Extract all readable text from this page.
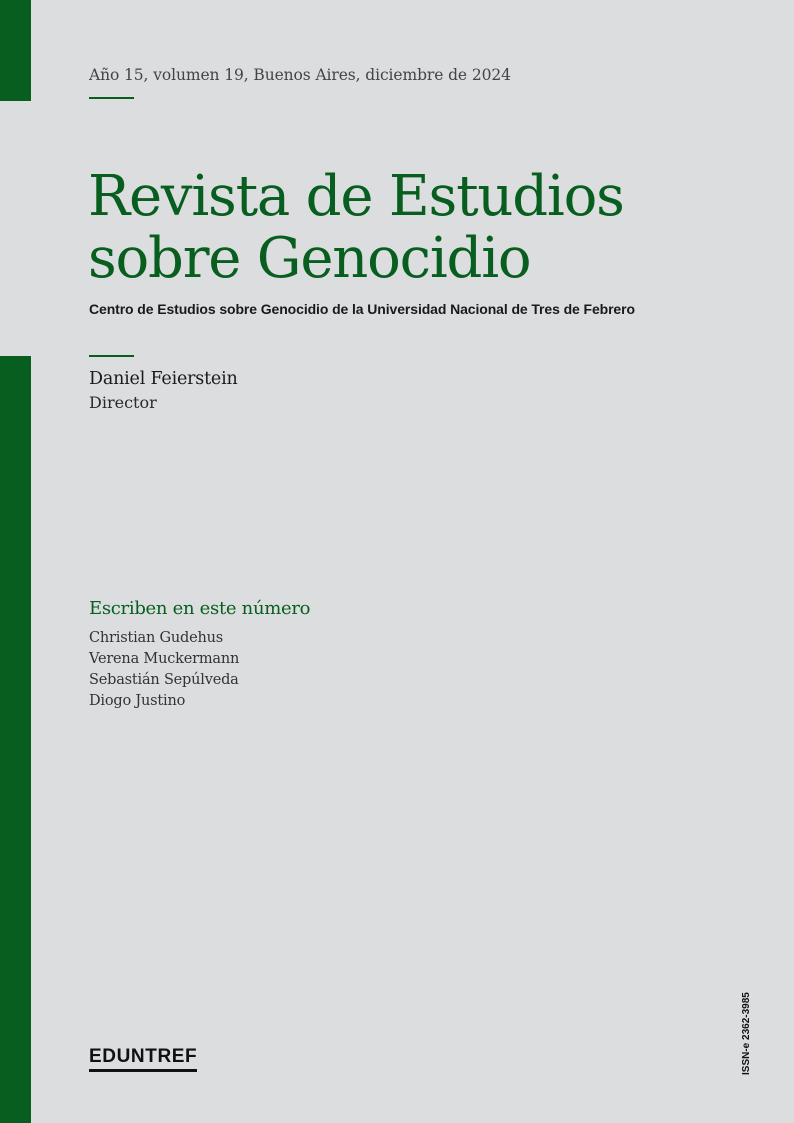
Año 15, volumen 19, Buenos Aires, diciembre de 2024
Revista de Estudios
sobre Genocidio
Centro de Estudios sobre Genocidio de la Universidad Nacional de Tres de Febrero
Daniel Feierstein
Director
Escriben en este número
Christian Gudehus
Verena Muckermann
Sebastián Sepúlveda
Diogo Justino
EDUNTREF	ISSN-e 2362-3985
